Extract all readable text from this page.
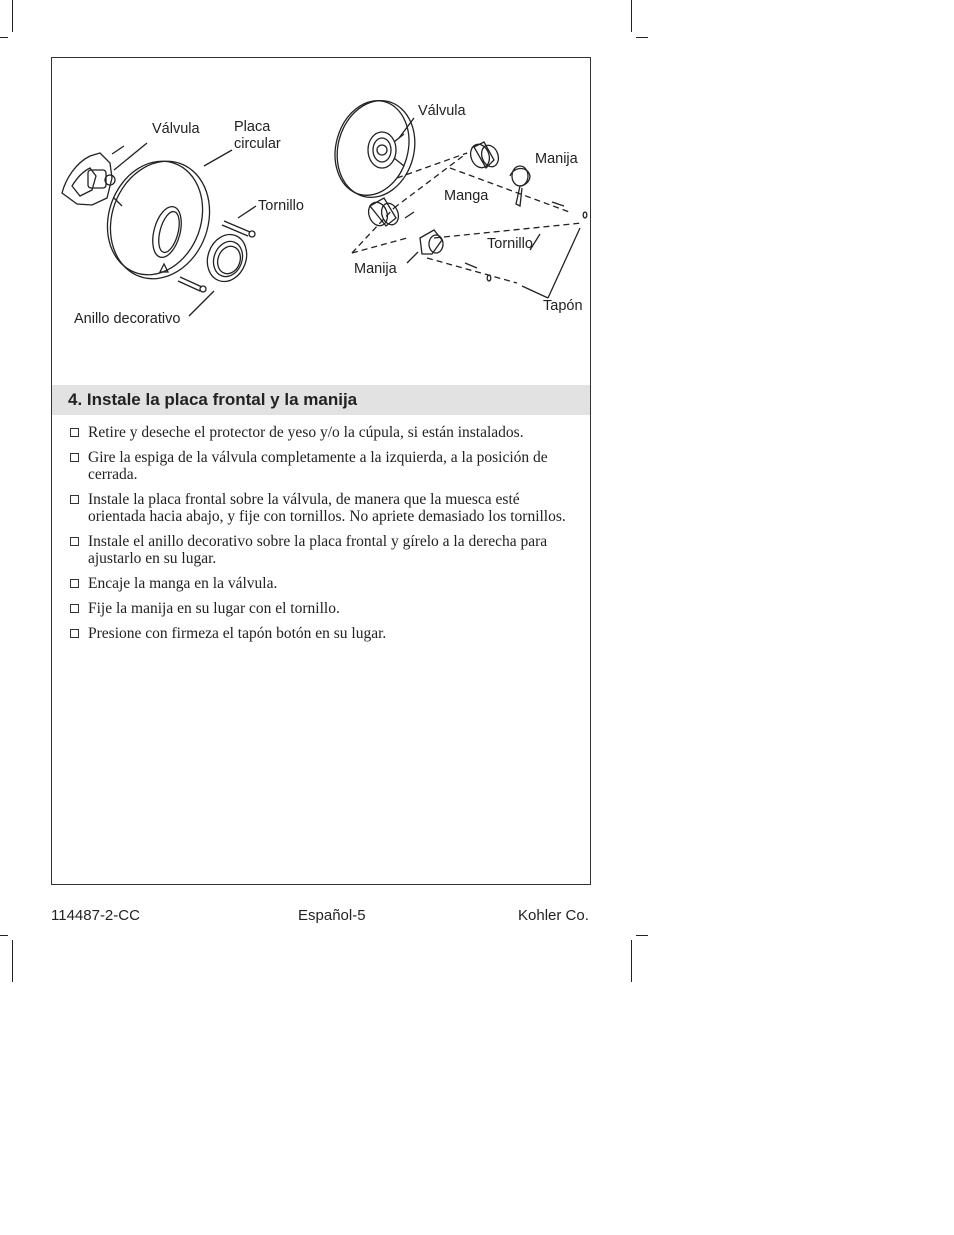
Válvula Placa
circular
Tornillo
Anillo decorativo
Válvula
Manija
Manga
Tornillo
Manija
Tapón
4. Instale la placa frontal y la manija
Retire y deseche el protector de yeso y/o la cúpula, si están instalados.
Gire la espiga de la válvula completamente a la izquierda, a la posición de cerrada.
Instale la placa frontal sobre la válvula, de manera que la muesca esté orientada hacia abajo, y fije con tornillos. No apriete demasiado los tornillos.
Instale el anillo decorativo sobre la placa frontal y gírelo a la derecha para ajustarlo en su lugar.
Encaje la manga en la válvula.
Fije la manija en su lugar con el tornillo.
Presione con firmeza el tapón botón en su lugar.
114487-2-CC	Español-5	Kohler Co.
